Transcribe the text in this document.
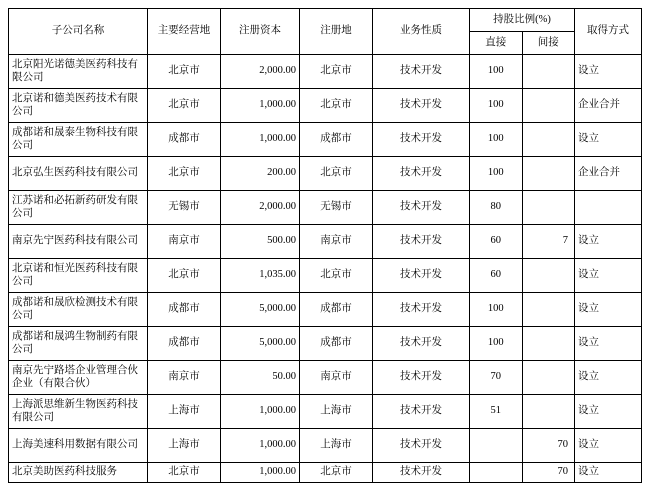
子公司名称	主要经营地	注册资本	注册地	业务性质	持股比例(%)		取得方式
					直接	间接	
北京阳光诺德美医药科技有限公司	北京市	2,000.00	北京市	技术开发	100		设立
北京诺和德美医药技术有限公司	北京市	1,000.00	北京市	技术开发	100		企业合并
成都诺和晟泰生物科技有限公司	成都市	1,000.00	成都市	技术开发	100		设立
北京弘生医药科技有限公司	北京市	200.00	北京市	技术开发	100		企业合并
江苏诺和必拓新药研发有限公司	无锡市	2,000.00	无锡市	技术开发	80		
南京先宁医药科技有限公司	南京市	500.00	南京市	技术开发	60	7	设立
北京诺和恒光医药科技有限公司	北京市	1,035.00	北京市	技术开发	60		设立
成都诺和晟欣检测技术有限公司	成都市	5,000.00	成都市	技术开发	100		设立
成都诺和晟鸿生物制药有限公司	成都市	5,000.00	成都市	技术开发	100		设立
南京先宁路塔企业管理合伙企业（有限合伙）	南京市	50.00	南京市	技术开发	70		设立
上海派思维新生物医药科技有限公司	上海市	1,000.00	上海市	技术开发	51		设立
上海美速科用数据有限公司	上海市	1,000.00	上海市	技术开发		70	设立
北京美助医药科技服务	北京市	1,000.00	北京市	技术开发		70	设立
